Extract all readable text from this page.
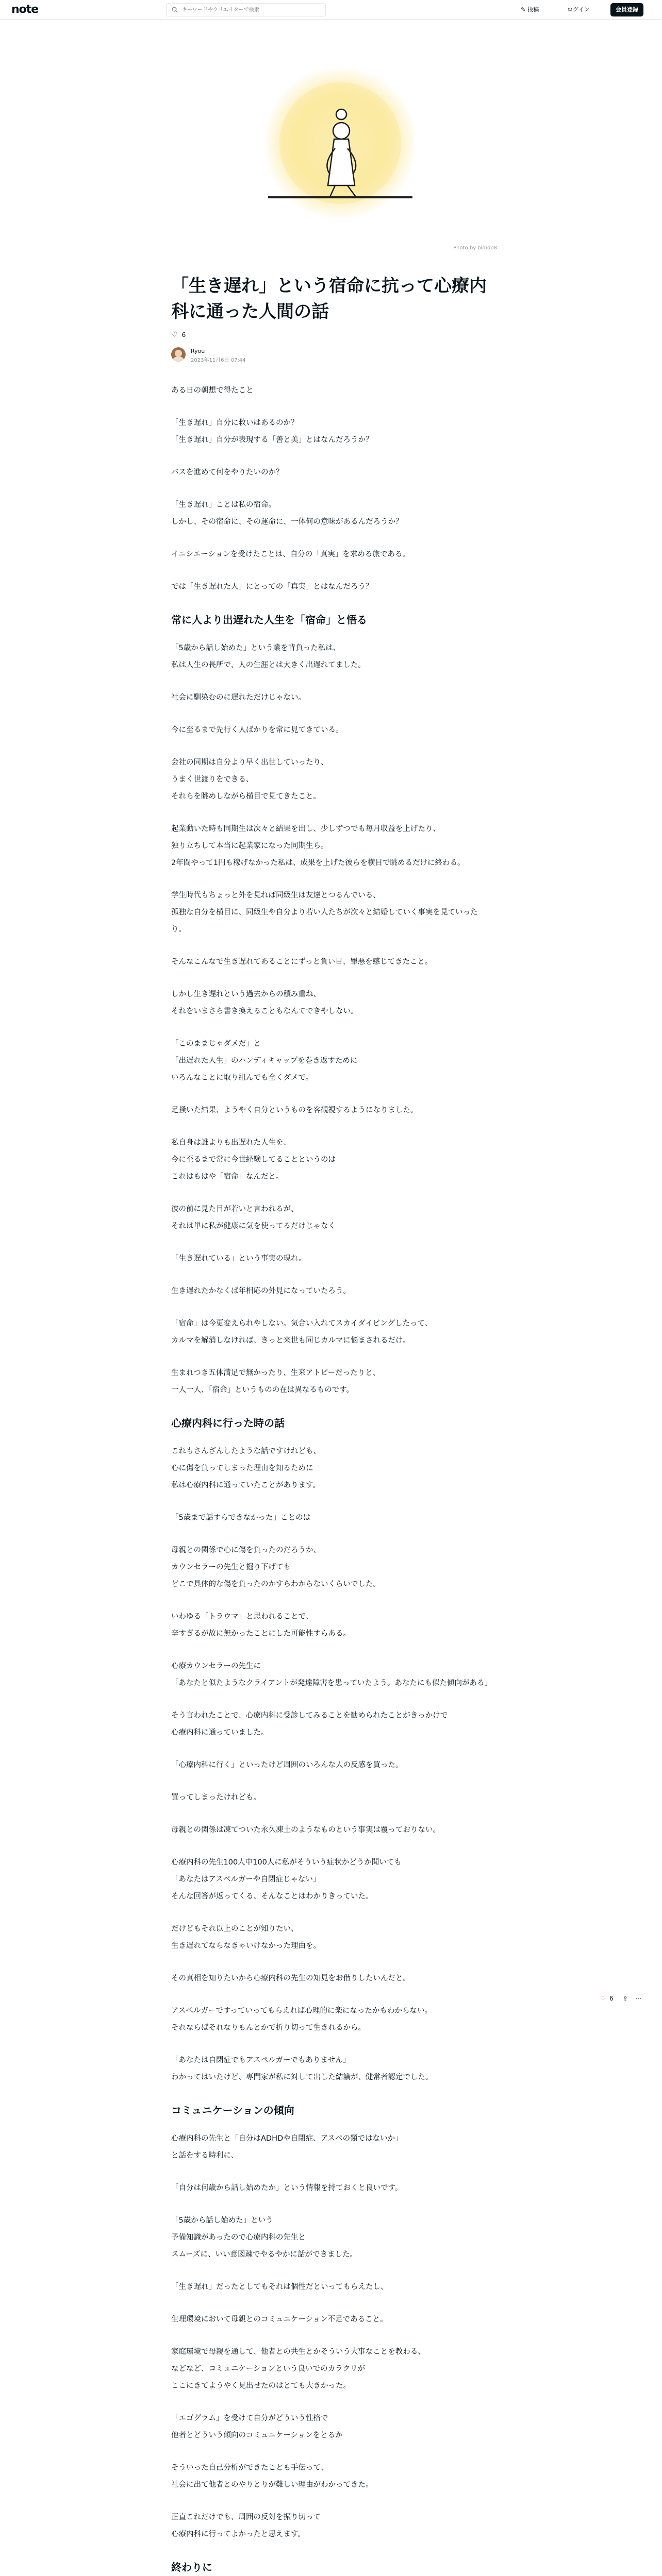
note
キーワードやクリエイターで検索	✎ 投稿	ログイン	会員登録
Photo by bimdo8
「生き遅れ」という宿命に抗って心療内科に通った人間の話
♡ 6
Ryou
2023年11月6日 07:44

ある日の朝想で得たこと

「生き遅れ」自分に救いはあるのか？
「生き遅れ」自分が表現する「善と美」とはなんだろうか？

バスを進めて何をやりたいのか？

「生き遅れ」ことは私の宿命。
しかし、その宿命に、その運命に、一体何の意味があるんだろうか？

イニシエーションを受けたことは、自分の「真実」を求める旅である。

では「生き遅れた人」にとっての「真実」とはなんだろう？

常に人より出遅れた人生を「宿命」と悟る

「5歳から話し始めた」という業を背負った私は、
私は人生の長所で、人の生涯とは大きく出遅れてました。

社会に馴染むのに遅れただけじゃない。

今に至るまで先行く人ばかりを常に見てきている。

会社の同期は自分より早く出世していったり、
うまく世渡りをできる、
それらを眺めしながら横目で見てきたこと。

起業動いた時も同期生は次々と結果を出し、少しずつでも毎月収益を上げたり、
独り立ちして本当に起業家になった同期生ら。
2年間やって1円も稼げなかった私は、成果を上げた彼らを横目で眺めるだけに終わる。

学生時代もちょっと外を見れば同級生は友達とつるんでいる、
孤独な自分を横目に、同級生や自分より若い人たちが次々と結婚していく事実を見ていったり。

そんなこんなで生き遅れてあることにずっと負い目、罪悪を感じてきたこと。

しかし生き遅れという過去からの積み重ね、
それをいまさら書き換えることもなんてできやしない。

「このままじゃダメだ」と
「出遅れた人生」のハンディキャップを巻き返すために
いろんなことに取り組んでも全くダメで。

足掻いた結果、ようやく自分というものを客観視するようになりました。

私自身は誰よりも出遅れた人生を、
今に至るまで常に今世経験してることというのは
これはもはや「宿命」なんだと。

彼の前に見た目が若いと言われるが、
それは単に私が健康に気を使ってるだけじゃなく

「生き遅れている」という事実の現れ。

生き遅れたかなくば年相応の外見になっていたろう。

「宿命」は今更変えられやしない。気合い入れてスカイダイビングしたって、
カルマを解消しなければ、きっと来世も同じカルマに悩まされるだけ。

生まれつき五体満足で無かったり、生来アトピーだったりと、
一人一人、「宿命」というものの在は異なるものです。

心療内科に行った時の話

これもさんざんしたような話ですけれども、
心に傷を負ってしまった理由を知るために
私は心療内科に通っていたことがあります。

「5歳まで話すらできなかった」ことのは

母親との関係で心に傷を負ったのだろうか、
カウンセラーの先生と掘り下げても
どこで具体的な傷を負ったのかすらわからないくらいでした。

いわゆる「トラウマ」と思われることで、
辛すぎるが故に無かったことにした可能性すらある。

心療カウンセラーの先生に
「あなたと似たようなクライアントが発達障害を患っていたよう。あなたにも似た傾向がある」

そう言われたことで、心療内科に受診してみることを勧められたことがきっかけで
心療内科に通っていました。

「心療内科に行く」といったけど周囲のいろんな人の反感を買った。

買ってしまったけれども。

母親との関係は凍てついた永久凍土のようなものという事実は覆っておりない。

心療内科の先生100人中100人に私がそういう症状かどうか聞いても
「あなたはアスペルガーや自閉症じゃない」
そんな回答が返ってくる、そんなことはわかりきっていた。

だけどもそれ以上のことが知りたい、
生き遅れてならなきゃいけなかった理由を。

その真相を知りたいから心療内科の先生の知見をお借りしたいんだと。

アスペルガーですっていってもらえれば心理的に楽になったかもわからない。
それならばそれなりもんとかで折り切って生きれるから。

「あなたは自閉症でもアスペルガーでもありません」
わかってはいたけど、専門家が私に対して出した結論が、健常者認定でした。

コミュニケーションの傾向

心療内科の先生と「自分はADHDや自閉症、アスペの類ではないか」
と話をする時利に、

「自分は何歳から話し始めたか」という情報を持ておくと良いです。

「5歳から話し始めた」という
予備知識があったので心療内科の先生と
スムーズに、いい意図疎でやるやかに話ができました。

「生き遅れ」だったとしてもそれは個性だといってもらえたし、

生理環境において母親とのコミュニケーション不足であること。

家庭環境で母親を通して、他者との共生とかそういう大事なことを教わる、
などなど、コミュニケーションという良いでのカラクリが
ここにきてようやく見出せたのはとても大きかった。

「エゴグラム」を受けて自分がどういう性格で
他者とどういう傾向のコミュニケーションをとるか

そういった自己分析ができたことも手伝って、
社会に出て他者とのやりとりが難しい理由がわかってきた。

正直これだけでも、周囲の反対を振り切って
心療内科に行ってよかったと思えます。

終わりに

♡ 6 ⇪ ⋯
